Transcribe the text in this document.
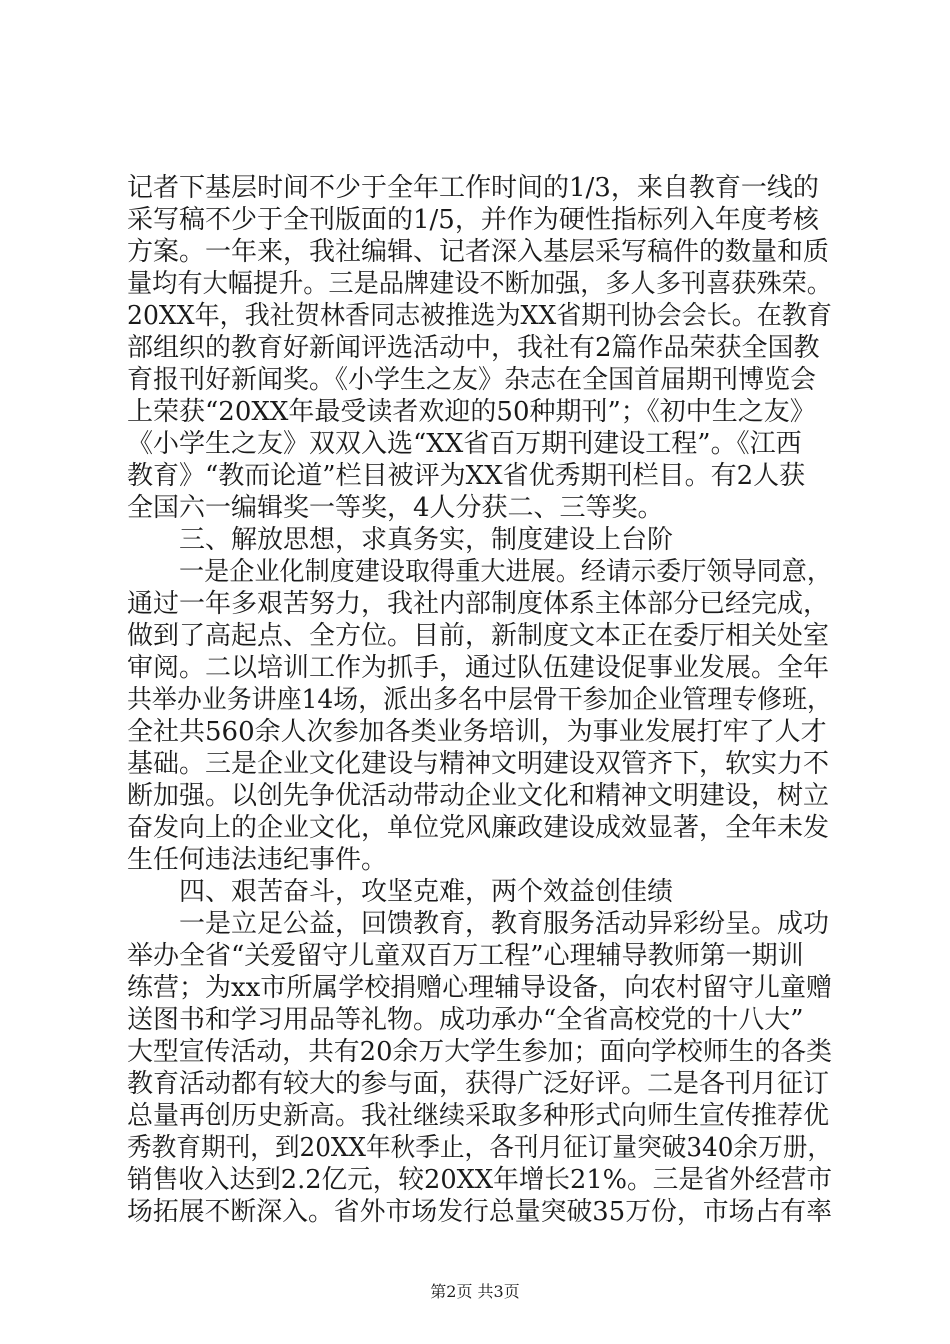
记者下基层时间不少于全年工作时间的1/3，来自教育一线的

采写稿不少于全刊版面的1/5，并作为硬性指标列入年度考核

方案。一年来，我社编辑、记者深入基层采写稿件的数量和质

量均有大幅提升。三是品牌建设不断加强，多人多刊喜获殊荣。

20XX年，我社贺林香同志被推选为XX省期刊协会会长。在教育

部组织的教育好新闻评选活动中，我社有2篇作品荣获全国教

育报刊好新闻奖。《小学生之友》杂志在全国首届期刊博览会

上荣获“20XX年最受读者欢迎的50种期刊”；《初中生之友》

《小学生之友》双双入选“XX省百万期刊建设工程”。《江西

教育》“教而论道”栏目被评为XX省优秀期刊栏目。有2人获

全国六一编辑奖一等奖，4人分获二、三等奖。

三、解放思想，求真务实，制度建设上台阶

一是企业化制度建设取得重大进展。经请示委厅领导同意，

通过一年多艰苦努力，我社内部制度体系主体部分已经完成，

做到了高起点、全方位。目前，新制度文本正在委厅相关处室

审阅。二以培训工作为抓手，通过队伍建设促事业发展。全年

共举办业务讲座14场，派出多名中层骨干参加企业管理专修班，

全社共560余人次参加各类业务培训，为事业发展打牢了人才

基础。三是企业文化建设与精神文明建设双管齐下，软实力不

断加强。以创先争优活动带动企业文化和精神文明建设，树立

奋发向上的企业文化，单位党风廉政建设成效显著，全年未发

生任何违法违纪事件。

四、艰苦奋斗，攻坚克难，两个效益创佳绩

一是立足公益，回馈教育，教育服务活动异彩纷呈。成功

举办全省“关爱留守儿童双百万工程”心理辅导教师第一期训

练营；为xx市所属学校捐赠心理辅导设备，向农村留守儿童赠

送图书和学习用品等礼物。成功承办“全省高校党的十八大”

大型宣传活动，共有20余万大学生参加；面向学校师生的各类

教育活动都有较大的参与面，获得广泛好评。二是各刊月征订

总量再创历史新高。我社继续采取多种形式向师生宣传推荐优

秀教育期刊，到20XX年秋季止，各刊月征订量突破340余万册，

销售收入达到2.2亿元，较20XX年增长21%。三是省外经营市

场拓展不断深入。省外市场发行总量突破35万份，市场占有率

第2页 共3页
